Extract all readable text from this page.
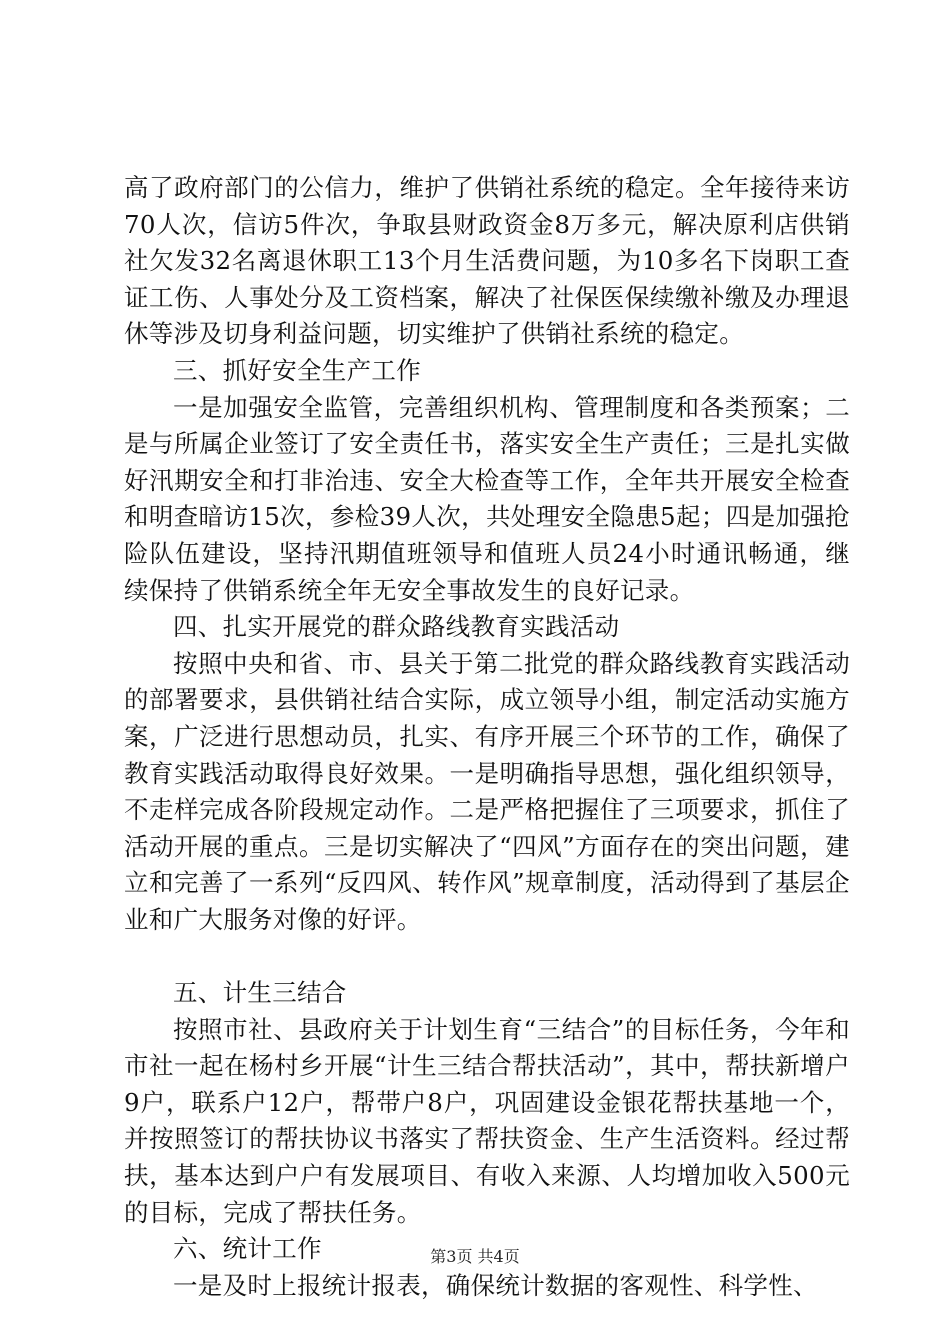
高了政府部门的公信力，维护了供销社系统的稳定。全年接待来访70人次，信访5件次，争取县财政资金8万多元，解决原利店供销社欠发32名离退休职工13个月生活费问题，为10多名下岗职工查证工伤、人事处分及工资档案，解决了社保医保续缴补缴及办理退休等涉及切身利益问题，切实维护了供销社系统的稳定。

三、抓好安全生产工作

一是加强安全监管，完善组织机构、管理制度和各类预案；二是与所属企业签订了安全责任书，落实安全生产责任；三是扎实做好汛期安全和打非治违、安全大检查等工作，全年共开展安全检查和明查暗访15次，参检39人次，共处理安全隐患5起；四是加强抢险队伍建设，坚持汛期值班领导和值班人员24小时通讯畅通，继续保持了供销系统全年无安全事故发生的良好记录。

四、扎实开展党的群众路线教育实践活动

按照中央和省、市、县关于第二批党的群众路线教育实践活动的部署要求，县供销社结合实际，成立领导小组，制定活动实施方案，广泛进行思想动员，扎实、有序开展三个环节的工作，确保了教育实践活动取得良好效果。一是明确指导思想，强化组织领导，不走样完成各阶段规定动作。二是严格把握住了三项要求，抓住了活动开展的重点。三是切实解决了“四风”方面存在的突出问题，建立和完善了一系列“反四风、转作风”规章制度，活动得到了基层企业和广大服务对像的好评。

五、计生三结合

按照市社、县政府关于计划生育“三结合”的目标任务，今年和市社一起在杨村乡开展“计生三结合帮扶活动”，其中，帮扶新增户9户，联系户12户，帮带户8户，巩固建设金银花帮扶基地一个，并按照签订的帮扶协议书落实了帮扶资金、生产生活资料。经过帮扶，基本达到户户有发展项目、有收入来源、人均增加收入500元的目标，完成了帮扶任务。

六、统计工作

一是及时上报统计报表，确保统计数据的客观性、科学性、

第3页 共4页
